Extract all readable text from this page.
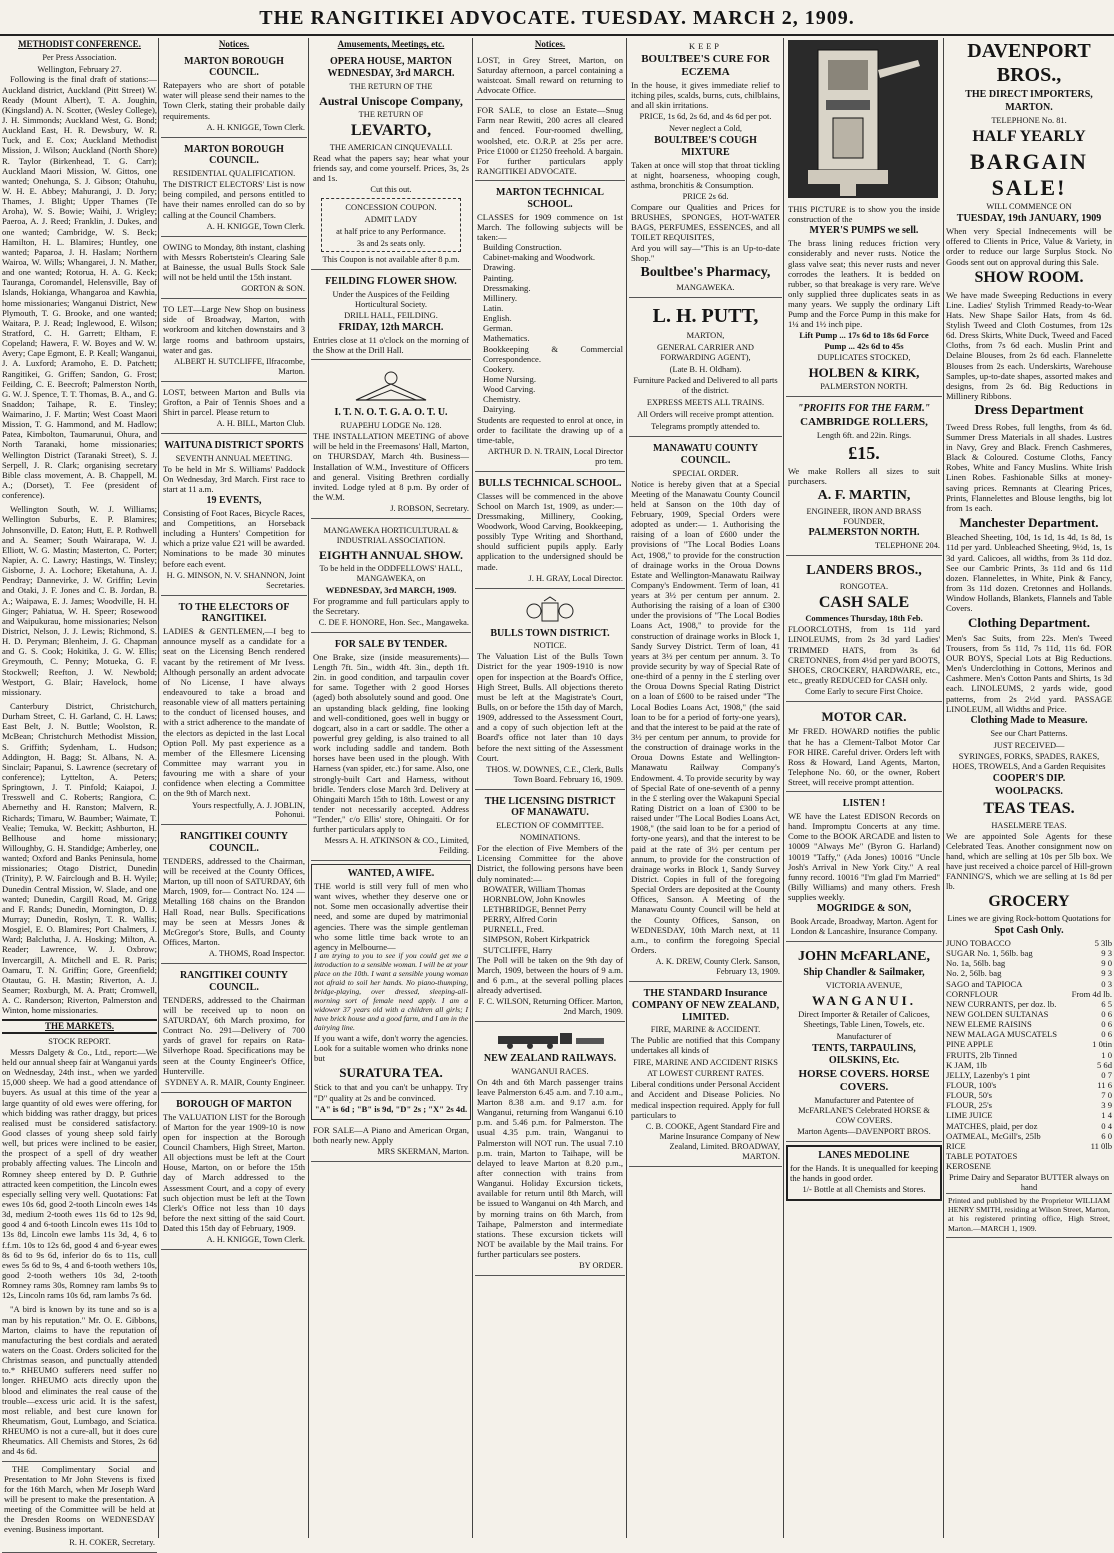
THE RANGITIKEI ADVOCATE. TUESDAY. MARCH 2, 1909.
METHODIST CONFERENCE.
Per Press Association.
Wellington, February 27.

Following is the final draft of stations:—Auckland district, Auckland (Pitt Street) W. Ready (Mount Albert), T. A. Joughin, (Kingsland) A. N. Scotter, (Wesley College), J. H. Simmonds; Auckland West, G. Bond; Auckland East, H. R. Dewsbury, W. R. Tuck, and E. Cox; Auckland Methodist Mission, J. Wilson; Auckland (North Shore) R. Taylor (Birkenhead, T. G. Carr); Auckland Maori Mission, W. Gittos, one wanted; Onehunga, S. J. Gibson; Otahuhu, W. H. E. Abbey; Mahurangi, J. D. Jory; Thames, J. Blight; Upper Thames (Te Aroha), W. S. Bowie; Waihi, J. Wrigley; Paeroa, A. J. Reed; Franklin, J. Dukes, and one wanted; Cambridge, W. S. Beck; Hamilton, H. L. Blamires; Huntley, one wanted; Paparoa, J. H. Haslam; Northern Wairoa, W. Wills; Whangarei, J. N. Mather, and one wanted; Rotorua, H. A. G. Keck; Tauranga, Coromandel, Helensville, Bay of Islands, Hokianga, Whangaroa and Kawhia, home missionaries; Wanganui District, New Plymouth, T. G. Brooke, and one wanted; Waitara, P. J. Read; Inglewood, E. Wilson; Stratford, C. H. Garrett; Eltham, F. Copeland; Hawera, F. W. Boyes and W. W. Avery; Cape Egmont, E. P. Keall; Wanganui, J. A. Luxford; Aramoho, E. D. Patchett; Rangitikei, G. Griffen; Sandon, G. Frost; Feilding, C. E. Beecroft; Palmerston North, G. W. J. Spence, T. T. Thomas, B. A., and G. Snaddon; Taihape, R. E. Tinsley; Waimarino, J. F. Martin; West Coast Maori Mission, T. G. Hammond, and M. Hadlow; Patea, Kimbolton, Taumarunui, Ohura, and North Taranaki, home missionaries; Wellington District (Taranaki Street), S. J. Serpell, J. R. Clark; organising secretary Bible class movement, A. B. Chappell, M. A.; (Dorset), T. Fee (president of conference).

Wellington South, W. J. Williams; Wellington Suburbs, E. P. Blamires; Johnsonville, D. Eaton; Hutt, E. P. Rothwell and A. Seamer; South Wairarapa, W. J. Elliott, W. G. Mastin; Masterton, C. Porter; Napier, A. C. Lawry; Hastings, W. Tinsley; Gisborne, J. A. Lochore; Eketahuna, A. J. Pendray; Dannevirke, J. W. Griffin; Levin and Otaki, J. F. Jones and C. B. Jordan, B. A.; Waipawa, E. J. James; Woodville, H. H. Ginger; Pahiatua, W. H. Speer; Rosewood and Waipukurau, home missionaries; Nelson District, Nelson, J. J. Lewis; Richmond, S. H. D. Peryman; Blenheim, J. G. Chapman and G. S. Cook; Hokitika, J. G. W. Ellis; Greymouth, C. Penny; Motueka, G. F. Stockwell; Reefton, J. W. Newbold; Westport, G. Blair; Havelock, home missionary.

Canterbury District, Christchurch, Durham Street, C. H. Garland, C. H. Laws; East Belt, J. N. Buttle; Woolston, R. McBean; Christchurch Methodist Mission, S. Griffith; Sydenham, L. Hudson; Addington, H. Bagg; St. Albans, N. A. Sinclair; Papanui, S. Lawrence (secretary of conference); Lyttelton, A. Peters; Springtown, J. T. Pinfold; Kaiapoi, J. Tresswell and C. Roberts; Rangiora, C. Abernethy and H. Ranston; Malvern, R. Richards; Timaru, W. Baumber; Waimate, T. Vealie; Temuka, W. Beckitt; Ashburton, H. Bellhouse and home missionary; Willoughby, G. H. Standidge; Amberley, one wanted; Oxford and Banks Peninsula, home missionaries; Otago District, Dunedin (Trinity), P. W. Fairclough and B. H. Wyile; Dunedin Central Mission, W. Slade, and one wanted; Dunedin, Cargill Road, M. Grigg and F. Rands; Dunedin, Mornington, D. J. Murray; Dunedin, Roslyn, T. R. Wallis; Mosgiel, E. O. Blamires; Port Chalmers, J. Ward; Balclutha, J. A. Hosking; Milton, A. Reader; Lawrence, W. J. Oxbrow; Invercargill, A. Mitchell and E. R. Paris; Oamaru, T. N. Griffin; Gore, Greenfield; Otautau, G. H. Mastin; Riverton, A. J. Seamer; Roxburgh, M. A. Pratt; Cromwell, A. C. Randerson; Riverton, Palmerston and Winton, home missionaries.

THE MARKETS.
STOCK REPORT.

Messrs Dalgety & Co., Ltd., report:—We held our annual sheep fair at Wanganui yards on Wednesday, 24th inst., when we yarded 15,000 sheep. We had a good attendance of buyers. As usual at this time of the year a large quantity of old ewes were offering, for which bidding was rather draggy, but prices realised must be considered satisfactory. Good classes of young sheep sold fairly well, but prices were inclined to be easier, the prospect of a spell of dry weather probably affecting values. The Lincoln and Romney sheep entered by D. P. Guthrie attracted keen competition, the Lincoln ewes especially selling very well. Quotations: Fat ewes 10s 6d, good 2-tooth Lincoln ewes 14s 3d, medium 2-tooth ewes 11s 6d to 12s 9d, good 4 and 6-tooth Lincoln ewes 11s 10d to 13s 8d, Lincoln ewe lambs 11s 3d, 4, 6 to f.f.m. 10s to 12s 6d, good 4 and 6-year ewes 8s 6d to 9s 6d, inferior do 6s to 11s, cull ewes 5s 6d to 9s, 4 and 6-tooth wethers 10s, good 2-tooth wethers 10s 3d, 2-tooth Romney rams 30s, Romney ram lambs 9s to 12s, Lincoln rams 10s 6d, ram lambs 7s 6d.

"A bird is known by its tune and so is a man by his reputation." Mr. O. E. Gibbons, Marton, claims to have the reputation of manufacturing the best cordials and aerated waters on the Coast. Orders solicited for the Christmas season, and punctually attended to.* RHEUMO sufferers need suffer no longer. RHEUMO acts directly upon the blood and eliminates the real cause of the trouble—excess uric acid. It is the safest, most reliable, and best cure known for Rheumatism, Gout, Lumbago, and Sciatica. RHEUMO is not a cure-all, but it does cure Rheumatics. All Chemists and Stores, 2s 6d and 4s 6d.

THE Complimentary Social and Presentation to Mr John Stevens is fixed for the 16th March, when Mr Joseph Ward will be present to make the presentation. A meeting of the Committee will be held at the Dresden Rooms on WEDNESDAY evening. Business important.

R. H. COKER, Secretary.
Notices.
MARTON BOROUGH COUNCIL.
Ratepayers who are short of potable water will please send their names to the Town Clerk, stating their probable daily requirements.
A. H. KNIGGE, Town Clerk.
MARTON BOROUGH COUNCIL.
RESIDENTIAL QUALIFICATION.
The DISTRICT ELECTORS' List is now being compiled, and persons entitled to have their names enrolled can do so by calling at the Council Chambers.
A. H. KNIGGE, Town Clerk.
OWING to Monday, 8th instant, clashing with Messrs Robertstein's Clearing Sale at Bainesse, the usual Bulls Stock Sale will not be held until the 15th instant.
GORTON & SON.
TO LET—Large New Shop on business side of Broadway, Marton, with workroom and kitchen downstairs and 3 large rooms and bathroom upstairs, water and gas.
ALBERT H. SUTCLIFFE, Ilfracombe, Marton.
LOST, between Marton and Bulls via Grofton, a Pair of Tennis Shoes and a Shirt in parcel. Please return to
A. H. BILL, Marton Club.
WAITUNA DISTRICT SPORTS
SEVENTH ANNUAL MEETING.
To be held in Mr S. Williams' Paddock On Wednesday, 3rd March. First race to start at 11 a.m.
19 EVENTS,
Consisting of Foot Races, Bicycle Races, and Competitions, an Horseback including a Hunters' Competition for which a prize value £21 will be awarded. Nominations to be made 30 minutes before each event.
H. G. MINSON, N. V. SHANNON, Joint Secretaries.
TO THE ELECTORS OF RANGITIKEI.
LADIES & GENTLEMEN,—I beg to announce myself as a candidate for a seat on the Licensing Bench rendered vacant by the retirement of Mr Ivess. Although personally an ardent advocate of No License, I have always endeavoured to take a broad and reasonable view of all matters pertaining to the conduct of licensed houses, and with a strict adherence to the mandate of the electors as depicted in the last Local Option Poll. My past experience as a member of the Ellesmere Licensing Committee may warrant you in favouring me with a share of your confidence when electing a Committee on the 9th of March next.
Yours respectfully, A. J. JOBLIN, Pohonui.
RANGITIKEI COUNTY COUNCIL.
TENDERS, addressed to the Chairman, will be received at the County Offices, Marton, up till noon of SATURDAY, 6th March, 1909, for— Contract No. 124 — Metalling 168 chains on the Brandon Hall Road, near Bulls. Specifications may be seen at Messrs Jones & McGregor's Store, Bulls, and County Offices, Marton.
A. THOMS, Road Inspector.
RANGITIKEI COUNTY COUNCIL.
TENDERS, addressed to the Chairman will be received up to noon on SATURDAY, 6th March proximo, for Contract No. 291—Delivery of 700 yards of gravel for repairs on Rata-Silverhope Road. Specifications may be seen at the County Engineer's Office, Hunterville.
SYDNEY A. R. MAIR, County Engineer.
BOROUGH OF MARTON
The VALUATION LIST for the Borough of Marton for the year 1909-10 is now open for inspection at the Borough Council Chambers, High Street, Marton. All objections must be left at the Court House, Marton, on or before the 15th day of March addressed to the Assessment Court, and a copy of every such objection must be left at the Town Clerk's Office not less than 10 days before the next sitting of the said Court. Dated this 15th day of February, 1909.
A. H. KNIGGE, Town Clerk.
Amusements, Meetings, etc.
OPERA HOUSE, MARTON
WEDNESDAY, 3rd MARCH.
THE RETURN OF THE
Austral Uniscope Company,
THE RETURN OF
LEVARTO,
THE AMERICAN CINQUEVALLI.
Read what the papers say; hear what your friends say, and come yourself. Prices, 3s, 2s and 1s.
Cut this out.
CONCESSION COUPON.
ADMIT LADY
at half price to any Performance.
3s and 2s seats only.
This Coupon is not available after 8 p.m.
FEILDING FLOWER SHOW.
Under the Auspices of the Feilding Horticultural Society.
DRILL HALL, FEILDING.
FRIDAY, 12th MARCH.
Entries close at 11 o'clock on the morning of the Show at the Drill Hall.
I. T. N. O. T. G. A. O. T. U.
RUAPEHU LODGE No. 128.
THE INSTALLATION MEETING of above will be held in the Freemasons' Hall, Marton, on THURSDAY, March 4th. Business—Installation of W.M., Investiture of Officers and general. Visiting Brethren cordially invited. Lodge tyled at 8 p.m. By order of the W.M.
J. ROBSON, Secretary.
MANGAWEKA HORTICULTURAL & INDUSTRIAL ASSOCIATION.
EIGHTH ANNUAL SHOW.
To be held in the ODDFELLOWS' HALL, MANGAWEKA, on
WEDNESDAY, 3rd MARCH, 1909.
For programme and full particulars apply to the Secretary.
C. DE F. HONORE, Hon. Sec., Mangaweka.
FOR SALE BY TENDER.
One Brake, size (inside measurements)—Length 7ft. 5in., width 4ft. 3in., depth 1ft. 2in. in good condition, and tarpaulin cover for same. Together with 2 good Horses (aged) both absolutely sound and good. One an upstanding black gelding, fine looking and well-conditioned, goes well in buggy or dogcart, also in a cart or saddle. The other a powerful grey gelding, is also trained to all work including saddle and tandem. Both horses have been used in the plough. With Harness (van spider, etc.) for same. Also, one strongly-built Cart and Harness, without bridle. Tenders close March 3rd. Delivery at Ohingaiti March 15th to 18th. Lowest or any tender not necessarily accepted. Address "Tender," c/o Ellis' store, Ohingaiti. Or for further particulars apply to
Messrs A. H. ATKINSON & CO., Limited, Feilding.
WANTED, A WIFE.
THE world is still very full of men who want wives, whether they deserve one or not. Some men occasionally advertise their need, and some are duped by matrimonial agencies. There was the simple gentleman who some little time back wrote to an agency in Melbourne—
I am trying to you to see if you could get me a introduction to a sensible woman. I will be at your place on the 10th. I want a sensible young woman not afraid to soil her hands. No piano-thumping, bridge-playing, over dressed, sleeping-all-morning sort of female need apply. I am a widower 37 years old with a children all girls; I have brick house and a good farm, and I am in the dairying line.
If you want a wife, don't worry the agencies. Look for a suitable women who drinks none but
SURATURA TEA.
Stick to that and you can't be unhappy. Try "D" quality at 2s and be convinced.
"A" is 6d ; "B" is 9d, "D" 2s ; "X" 2s 4d.
FOR SALE—A Piano and American Organ, both nearly new. Apply
MRS SKERMAN, Marton.
Notices.
LOST, in Grey Street, Marton, on Saturday afternoon, a parcel containing a waistcoat. Small reward on returning to Advocate Office.
FOR SALE, to close an Estate—Snug Farm near Rewiti, 200 acres all cleared and fenced. Four-roomed dwelling, woolshed, etc. O.R.P. at 25s per acre. Price £1000 or £1250 freehold. A bargain. For further particulars apply RANGITIKEI ADVOCATE.
MARTON TECHNICAL SCHOOL.
CLASSES for 1909 commence on 1st March. The following subjects will be taken:—
Building Construction.
Cabinet-making and Woodwork.
Drawing.
Painting.
Dressmaking.
Millinery.
Latin.
English.
German.
Mathematics.
Bookkeeping & Commercial Correspondence.
Cookery.
Home Nursing.
Wood Carving.
Chemistry.
Dairying.
Students are requested to enrol at once, in order to facilitate the drawing up of a time-table,
ARTHUR D. N. TRAIN, Local Director pro tem.
BULLS TECHNICAL SCHOOL.
Classes will be commenced in the above School on March 1st, 1909, as under:—Dressmaking, Millinery, Cooking, Woodwork, Wood Carving, Bookkeeping, possibly Type Writing and Shorthand, should sufficient pupils apply. Early application to the undersigned should be made.
J. H. GRAY, Local Director.
BULLS TOWN DISTRICT.
NOTICE.
The Valuation List of the Bulls Town District for the year 1909-1910 is now open for inspection at the Board's Office, High Street, Bulls. All objections thereto must be left at the Magistrate's Court, Bulls, on or before the 15th day of March, 1909, addressed to the Assessment Court, and a copy of such objection left at the Board's office not later than 10 days before the next sitting of the Assessment Court.
THOS. W. DOWNES, C.E., Clerk, Bulls Town Board. February 16, 1909.
THE LICENSING DISTRICT OF MANAWATU.
ELECTION OF COMMITTEE.
NOMINATIONS.
For the election of Five Members of the Licensing Committee for the above District, the following persons have been duly nominated:—
BOWATER, William Thomas
HORNBLOW, John Knowles
LETHBRIDGE, Bennet Perry
PERRY, Alfred Corin
PURNELL, Fred.
SIMPSON, Robert Kirkpatrick
SUTCLIFFE, Harry
The Poll will be taken on the 9th day of March, 1909, between the hours of 9 a.m. and 6 p.m., at the several polling places already advertised.
F. C. WILSON, Returning Officer. Marton, 2nd March, 1909.
NEW ZEALAND RAILWAYS.
WANGANUI RACES.
On 4th and 6th March passenger trains leave Palmerston 6.45 a.m. and 7.10 a.m., Marton 8.38 a.m. and 9.17 a.m. for Wanganui, returning from Wanganui 6.10 p.m. and 5.46 p.m. for Palmerston. The usual 4.35 p.m. train, Wanganui to Palmerston will NOT run. The usual 7.10 p.m. train, Marton to Taihape, will be delayed to leave Marton at 8.20 p.m., after connection with trains from Wanganui. Holiday Excursion tickets, available for return until 8th March, will be issued to Wanganui on 4th March, and by morning trains on 6th March, from Taihape, Palmerston and intermediate stations. These excursion tickets will NOT be available by the Mail trains. For further particulars see posters.
BY ORDER.
KEEP
BOULTBEE'S CURE FOR ECZEMA
In the house, it gives immediate relief to itching piles, scalds, burns, cuts, chilblains, and all skin irritations.
PRICE, 1s 6d, 2s 6d, and 4s 6d per pot.
Never neglect a Cold,
BOULTBEE'S COUGH MIXTURE
Taken at once will stop that throat tickling at night, hoarseness, whooping cough, asthma, bronchitis & Consumption.
PRICE 2s 6d.
Compare our Qualities and Prices for BRUSHES, SPONGES, HOT-WATER BAGS, PERFUMES, ESSENCES, and all TOILET REQUISITES,
Ard you will say—"This is an Up-to-date Shop."
Boultbee's Pharmacy,
MANGAWEKA.
L. H. PUTT,
MARTON,
GENERAL CARRIER AND FORWARDING AGENT),
(Late B. H. Oldham).
Furniture Packed and Delivered to all parts of the district.
EXPRESS MEETS ALL TRAINS.
All Orders will receive prompt attention.
Telegrams promptly attended to.
MANAWATU COUNTY COUNCIL.
SPECIAL ORDER.
Notice is hereby given that at a Special Meeting of the Manawatu County Council held at Sanson on the 10th day of February, 1909, Special Orders were adopted as under:— 1. Authorising the raising of a loan of £600 under the provisions of "The Local Bodies Loans Act, 1908," to provide for the construction of drainage works in the Oroua Downs Estate and Wellington-Manawatu Railway Company's Endowment. Term of loan, 41 years at 3½ per centum per annum. 2. Authorising the raising of a loan of £300 under the provisions of "The Local Bodies Loans Act, 1908," to provide for the construction of drainage works in Block 1, Sandy Survey District. Term of loan, 41 years at 3½ per centum per annum. 3. To provide security by way of Special Rate of one-third of a penny in the £ sterling over the Oroua Downs Special Rating District on a loan of £600 to be raised under "The Local Bodies Loans Act, 1908," (the said loan to be for a period of forty-one years), and that the interest to be paid at the rate of 3½ per centum per annum, to provide for the construction of drainage works in the Oroua Downs Estate and Wellington-Manawatu Railway Company's Endowment. 4. To provide security by way of Special Rate of one-seventh of a penny in the £ sterling over the Wakapuni Special Rating District on a loan of £300 to be raised under "The Local Bodies Loans Act, 1908," (the said loan to be for a period of forty-one years), and that the interest to be paid at the rate of 3½ per centum per annum, to provide for the construction of drainage works in Block 1, Sandy Survey District. Copies in full of the foregoing Special Orders are deposited at the County Offices, Sanson. A Meeting of the Manawatu County Council will be held at the County Offices, Sanson, on WEDNESDAY, 10th March next, at 11 a.m., to confirm the foregoing Special Orders.
A. K. DREW, County Clerk. Sanson, February 13, 1909.
THE STANDARD Insurance COMPANY OF NEW ZEALAND, LIMITED.
FIRE, MARINE & ACCIDENT.
The Public are notified that this Company undertakes all kinds of
FIRE, MARINE AND ACCIDENT RISKS
AT LOWEST CURRENT RATES.
Liberal conditions under Personal Accident and Accident and Disease Policies. No medical inspection required. Apply for full particulars to
C. B. COOKE, Agent Standard Fire and Marine Insurance Company of New Zealand, Limited. BROADWAY, MARTON.
THIS PICTURE is to show you the inside construction of the
MYER'S PUMPS we sell.
The brass lining reduces friction very considerably and never rusts. Notice the glass valve seat; this never rusts and never corrodes the leathers. It is bedded on rubber, so that breakage is very rare. We've only supplied three duplicates seats in as many years. We supply the ordinary Lift Pump and the Force Pump in this make for 1¼ and 1½ inch pipe.
Lift Pump ... 17s 6d to 18s 6d Force Pump ... 42s 6d to 45s
DUPLICATES STOCKED,
HOLBEN & KIRK,
PALMERSTON NORTH.
"PROFITS FOR THE FARM."
CAMBRIDGE ROLLERS,
Length 6ft. and 22in. Rings.
£15.
We make Rollers all sizes to suit purchasers.
A. F. MARTIN,
ENGINEER, IRON AND BRASS FOUNDER,
PALMERSTON NORTH.
TELEPHONE 204.
LANDERS BROS.,
RONGOTEA.
CASH SALE
Commences Thursday, 18th Feb.
FLOORCLOTHS, from 1s 11d yard LINOLEUMS, from 2s 3d yard Ladies' TRIMMED HATS, from 3s 6d CRETONNES, from 4½d per yard BOOTS, SHOES, CROCKERY, HARDWARE, etc., etc., greatly REDUCED for CASH only.
Come Early to secure First Choice.
MOTOR CAR.
Mr FRED. HOWARD notifies the public that he has a Clement-Talbot Motor Car FOR HIRE. Careful driver. Orders left with Ross & Howard, Land Agents, Marton, Telephone No. 60, or the owner, Robert Street, will receive prompt attention.
LISTEN !
WE have the Latest EDISON Records on hand. Impromptu Concerts at any time. Come to the BOOK ARCADE and listen to 10009 "Always Me" (Byron G. Harland) 10019 "Taffy," (Ada Jones) 10016 "Uncle Josh's Arrival in New York City." A real funny record. 10016 "I'm glad I'm Married" (Billy Williams) and many others. Fresh supplies weekly.
MOGRIDGE & SON,
Book Arcade, Broadway, Marton. Agent for London & Lancashire, Insurance Company.
JOHN McFARLANE,
Ship Chandler & Sailmaker,
VICTORIA AVENUE,
WANGANUI.
Direct Importer & Retailer of Calicoes, Sheetings, Table Linen, Towels, etc.
Manufacturer of
TENTS, TARPAULINS, OILSKINS, Etc.
HORSE COVERS. HORSE COVERS.
Manufacturer and Patentee of McFARLANE'S Celebrated HORSE & COW COVERS.
Marton Agents—DAVENPORT BROS.
LANES MEDOLINE
for the Hands. It is unequalled for keeping the hands in good order.
1/- Bottle at all Chemists and Stores.
DAVENPORT BROS.,
THE DIRECT IMPORTERS,
MARTON.
TELEPHONE No. 81.
HALF YEARLY
BARGAIN SALE!
WILL COMMENCE ON
TUESDAY, 19th JANUARY, 1909
When very Special Indnecements will be offered to Clients in Price, Value & Variety, in order to reduce our large Surplus Stock. No Goods sent out on approval during this Sale.
SHOW ROOM.
We have made Sweeping Reductions in every Line. Ladies' Stylish Trimmed Ready-to-Wear Hats. New Shape Sailor Hats, from 4s 6d. Stylish Tweed and Cloth Costumes, from 12s 6d. Dress Skirts, White Duck, Tweed and Faced Cloths, from 7s 6d each. Muslin Print and Delaine Blouses, from 2s 6d each. Flannelette Blouses from 2s each. Underskirts, Warehouse Samples, up-to-date shapes, assorted makes and designs, from 2s 6d. Big Reductions in Millinery Ribbons.
Dress Department
Tweed Dress Robes, full lengths, from 4s 6d. Summer Dress Materials in all shades. Lustres in Navy, Grey and Black. French Cashmeres, Black & Coloured. Costume Cloths, Fancy Robes, White and Fancy Muslins. White Irish Linen Robes. Fashionable Silks at money-saving prices. Remnants at Clearing Prices, Prints, Flannelettes and Blouse lengths, big lot from 1s each.
Manchester Department.
Bleached Sheeting, 10d, 1s 1d, 1s 4d, 1s 8d, 1s 11d per yard. Unbleached Sheeting, 9½d, 1s, 1s 3d yard. Calicoes, all widths, from 3s 11d doz. See our Cambric Prints, 3s 11d and 6s 11d dozen. Flannelettes, in White, Pink & Fancy, from 3s 11d dozen. Cretonnes and Hollands. Window Hollands, Blankets, Flannels and Table Covers.
Clothing Department.
Men's Sac Suits, from 22s. Men's Tweed Trousers, from 5s 11d, 7s 11d, 11s 6d. FOR OUR BOYS, Special Lots at Big Reductions. Men's Underclothing in Cottons, Merinos and Cashmere. Men's Cotton Pants and Shirts, 1s 3d each. LINOLEUMS, 2 yards wide, good patterns, from 2s 2½d yard. PASSAGE LINOLEUM, all Widths and Price.
Clothing Made to Measure.
See our Chart Patterns.
JUST RECEIVED—
SYRINGES, FORKS, SPADES, RAKES, HOES, TROWELS, And a Garden Requisites
COOPER'S DIP.
WOOLPACKS.
TEAS TEAS.
HASELMERE TEAS.
We are appointed Sole Agents for these Celebrated Teas. Another consignment now on hand, which are selling at 10s per 5lb box. We have just received a choice parcel of Hill-grown FANNING'S, which we are selling at 1s 8d per lb.
GROCERY
Lines we are giving Rock-bottom Quotations for
Spot Cash Only.
JUNO TOBACCO	5 3lb
SUGAR No. 1, 56lb. bag	9 3
No. 1a, 56lb. bag	9 0
No. 2, 56lb. bag	9 3
SAGO and TAPIOCA	0 3
CORNFLOUR	From 4d lb.
NEW CURRANTS, per doz. lb.	6 5
NEW GOLDEN SULTANAS	0 6
NEW ELEME RAISINS	0 6
NEW MALAGA MUSCATELS	0 6
PINE APPLE	1 0tin
FRUITS, 2lb Tinned	1 0
K JAM, 1lb	5 6d
JELLY, Lazenby's 1 pint	0 7
FLOUR, 100's	11 6
FLOUR, 50's	7 0
FLOUR, 25's	3 9
LIME JUICE	1 4
MATCHES, plaid, per doz	0 4
OATMEAL, McGill's, 25lb	6 0
RICE	11 0lb
TABLE POTATOES
KEROSENE
Prime Dairy and Separator BUTTER always on hand
Printed and published by the Proprietor WILLIAM HENRY SMITH, residing at Wilson Street, Marton, at his registered printing office, High Street, Marton.—MARCH 1, 1909.
